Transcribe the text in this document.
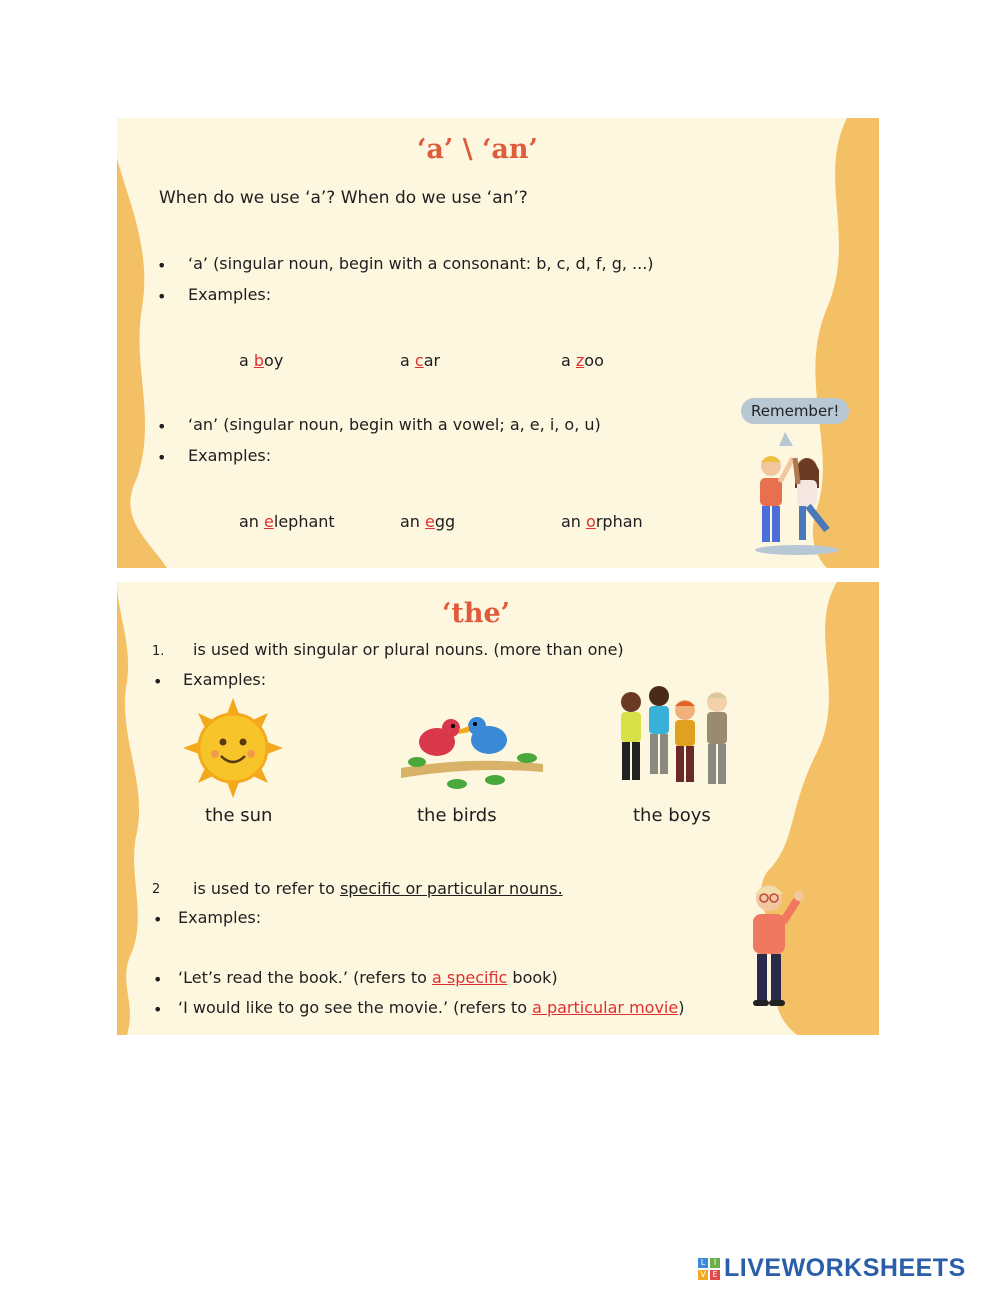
‘a’ \ ‘an’
When do we use ‘a’? When do we use ‘an’?
• ‘a’ (singular noun, begin with a consonant: b, c, d, f, g, ...)
• Examples:
a boy	a car	a zoo
• ‘an’ (singular noun, begin with a vowel; a, e, i, o, u)
• Examples:
an elephant	an egg	an orphan
Remember!
‘the’
1. is used with singular or plural nouns. (more than one)
• Examples:
the sun	the birds	the boys
2 is used to refer to specific or particular nouns.
• Examples:
• ‘Let’s read the book.’ (refers to a specific book)
• ‘I would like to go see the movie.’ (refers to a particular movie)
L	I
V E LIVEWORKSHEETS
